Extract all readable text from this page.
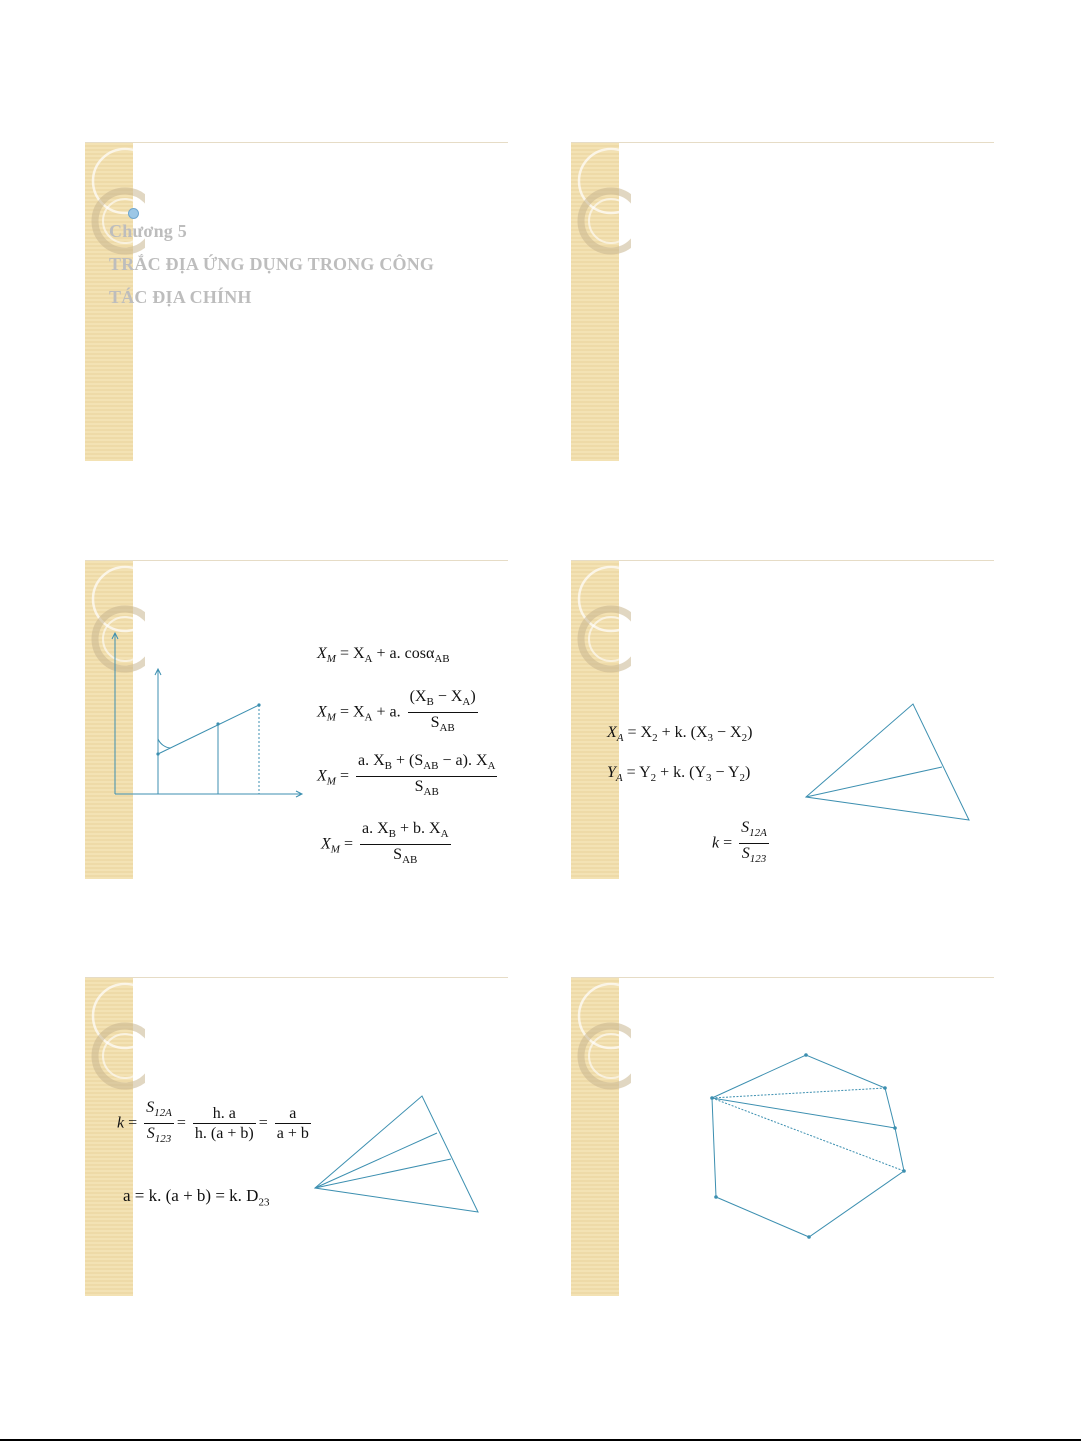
Chương 5
TRẮC ĐỊA ỨNG DỤNG TRONG CÔNG
TÁC ĐỊA CHÍNH
$X_M = X_A + a$. cosα$_{AB}$
$X_M = X_A + a$. $\frac{(X_B - X_A)}{S_{AB}}$
$X_M = \frac{a. X_B + (S_{AB} - a). X_A}{S_{AB}}$
$X_M = \frac{a. X_B + b. X_A}{S_{AB}}$
$X_A = X_2 + k$. $(X_3 - X_2)$
$Y_A = Y_2 + k$. $(Y_3 - Y_2)$
$k = \frac{S_{12A}}{S_{123}}$
$k = \frac{S_{12A}}{S_{123}} = \frac{h. a}{h. (a + b)} = \frac{a}{a + b}$
a = k. (a + b) = k. $D_{23}$
